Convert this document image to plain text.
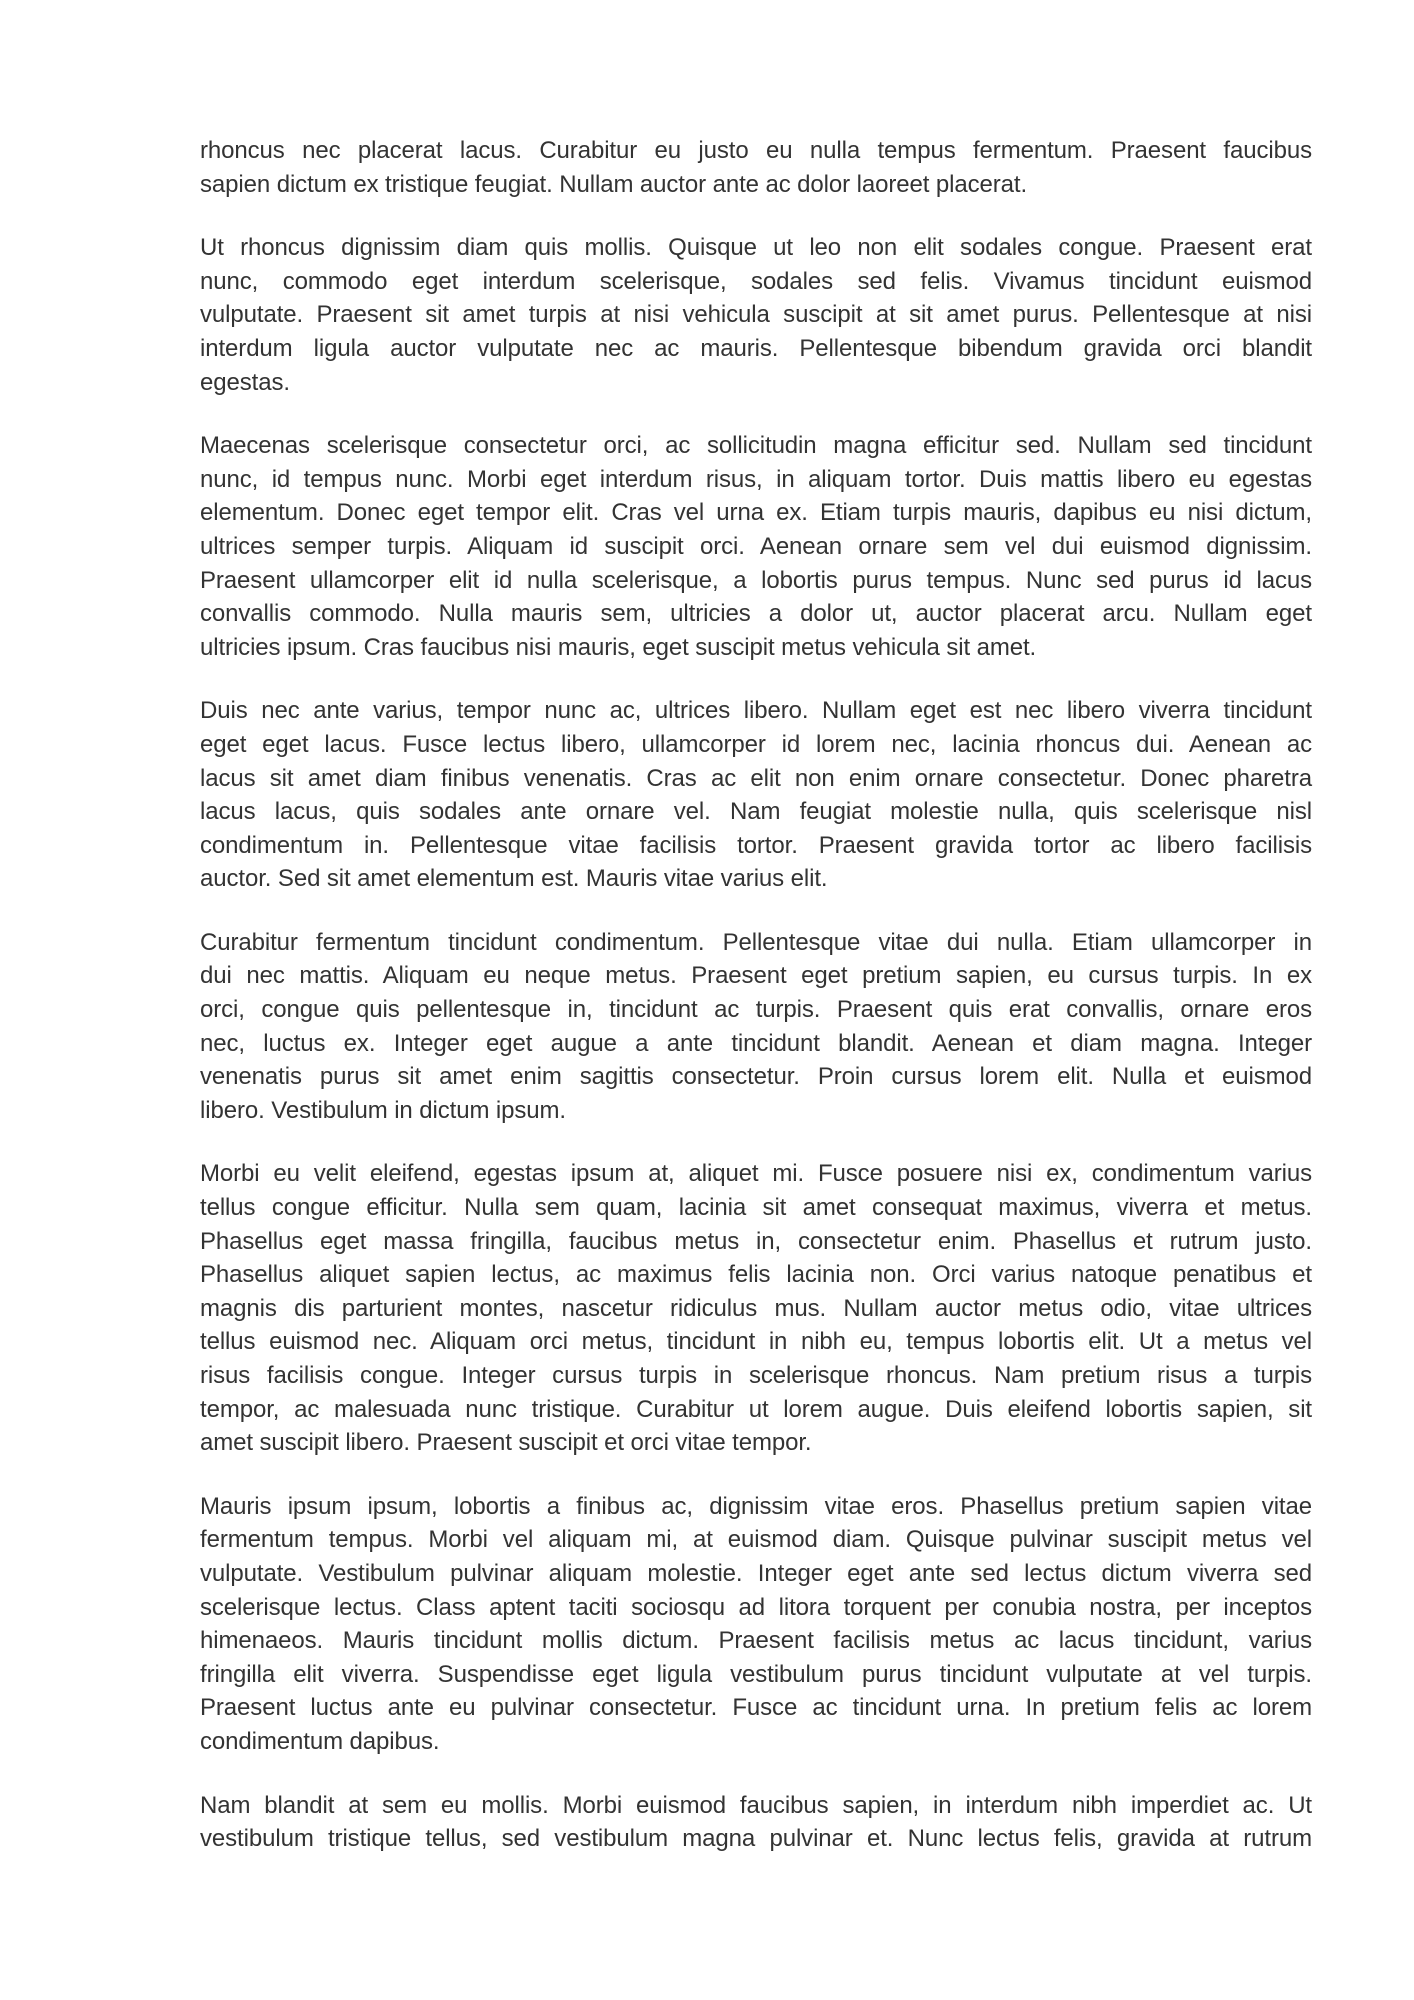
rhoncus nec placerat lacus. Curabitur eu justo eu nulla tempus fermentum. Praesent faucibus
sapien dictum ex tristique feugiat. Nullam auctor ante ac dolor laoreet placerat.
Ut rhoncus dignissim diam quis mollis. Quisque ut leo non elit sodales congue. Praesent erat
nunc, commodo eget interdum scelerisque, sodales sed felis. Vivamus tincidunt euismod
vulputate. Praesent sit amet turpis at nisi vehicula suscipit at sit amet purus. Pellentesque at nisi
interdum ligula auctor vulputate nec ac mauris. Pellentesque bibendum gravida orci blandit
egestas.
Maecenas scelerisque consectetur orci, ac sollicitudin magna efficitur sed. Nullam sed tincidunt
nunc, id tempus nunc. Morbi eget interdum risus, in aliquam tortor. Duis mattis libero eu egestas
elementum. Donec eget tempor elit. Cras vel urna ex. Etiam turpis mauris, dapibus eu nisi dictum,
ultrices semper turpis. Aliquam id suscipit orci. Aenean ornare sem vel dui euismod dignissim.
Praesent ullamcorper elit id nulla scelerisque, a lobortis purus tempus. Nunc sed purus id lacus
convallis commodo. Nulla mauris sem, ultricies a dolor ut, auctor placerat arcu. Nullam eget
ultricies ipsum. Cras faucibus nisi mauris, eget suscipit metus vehicula sit amet.
Duis nec ante varius, tempor nunc ac, ultrices libero. Nullam eget est nec libero viverra tincidunt
eget eget lacus. Fusce lectus libero, ullamcorper id lorem nec, lacinia rhoncus dui. Aenean ac
lacus sit amet diam finibus venenatis. Cras ac elit non enim ornare consectetur. Donec pharetra
lacus lacus, quis sodales ante ornare vel. Nam feugiat molestie nulla, quis scelerisque nisl
condimentum in. Pellentesque vitae facilisis tortor. Praesent gravida tortor ac libero facilisis
auctor. Sed sit amet elementum est. Mauris vitae varius elit.
Curabitur fermentum tincidunt condimentum. Pellentesque vitae dui nulla. Etiam ullamcorper in
dui nec mattis. Aliquam eu neque metus. Praesent eget pretium sapien, eu cursus turpis. In ex
orci, congue quis pellentesque in, tincidunt ac turpis. Praesent quis erat convallis, ornare eros
nec, luctus ex. Integer eget augue a ante tincidunt blandit. Aenean et diam magna. Integer
venenatis purus sit amet enim sagittis consectetur. Proin cursus lorem elit. Nulla et euismod
libero. Vestibulum in dictum ipsum.
Morbi eu velit eleifend, egestas ipsum at, aliquet mi. Fusce posuere nisi ex, condimentum varius
tellus congue efficitur. Nulla sem quam, lacinia sit amet consequat maximus, viverra et metus.
Phasellus eget massa fringilla, faucibus metus in, consectetur enim. Phasellus et rutrum justo.
Phasellus aliquet sapien lectus, ac maximus felis lacinia non. Orci varius natoque penatibus et
magnis dis parturient montes, nascetur ridiculus mus. Nullam auctor metus odio, vitae ultrices
tellus euismod nec. Aliquam orci metus, tincidunt in nibh eu, tempus lobortis elit. Ut a metus vel
risus facilisis congue. Integer cursus turpis in scelerisque rhoncus. Nam pretium risus a turpis
tempor, ac malesuada nunc tristique. Curabitur ut lorem augue. Duis eleifend lobortis sapien, sit
amet suscipit libero. Praesent suscipit et orci vitae tempor.
Mauris ipsum ipsum, lobortis a finibus ac, dignissim vitae eros. Phasellus pretium sapien vitae
fermentum tempus. Morbi vel aliquam mi, at euismod diam. Quisque pulvinar suscipit metus vel
vulputate. Vestibulum pulvinar aliquam molestie. Integer eget ante sed lectus dictum viverra sed
scelerisque lectus. Class aptent taciti sociosqu ad litora torquent per conubia nostra, per inceptos
himenaeos. Mauris tincidunt mollis dictum. Praesent facilisis metus ac lacus tincidunt, varius
fringilla elit viverra. Suspendisse eget ligula vestibulum purus tincidunt vulputate at vel turpis.
Praesent luctus ante eu pulvinar consectetur. Fusce ac tincidunt urna. In pretium felis ac lorem
condimentum dapibus.
Nam blandit at sem eu mollis. Morbi euismod faucibus sapien, in interdum nibh imperdiet ac. Ut
vestibulum tristique tellus, sed vestibulum magna pulvinar et. Nunc lectus felis, gravida at rutrum
